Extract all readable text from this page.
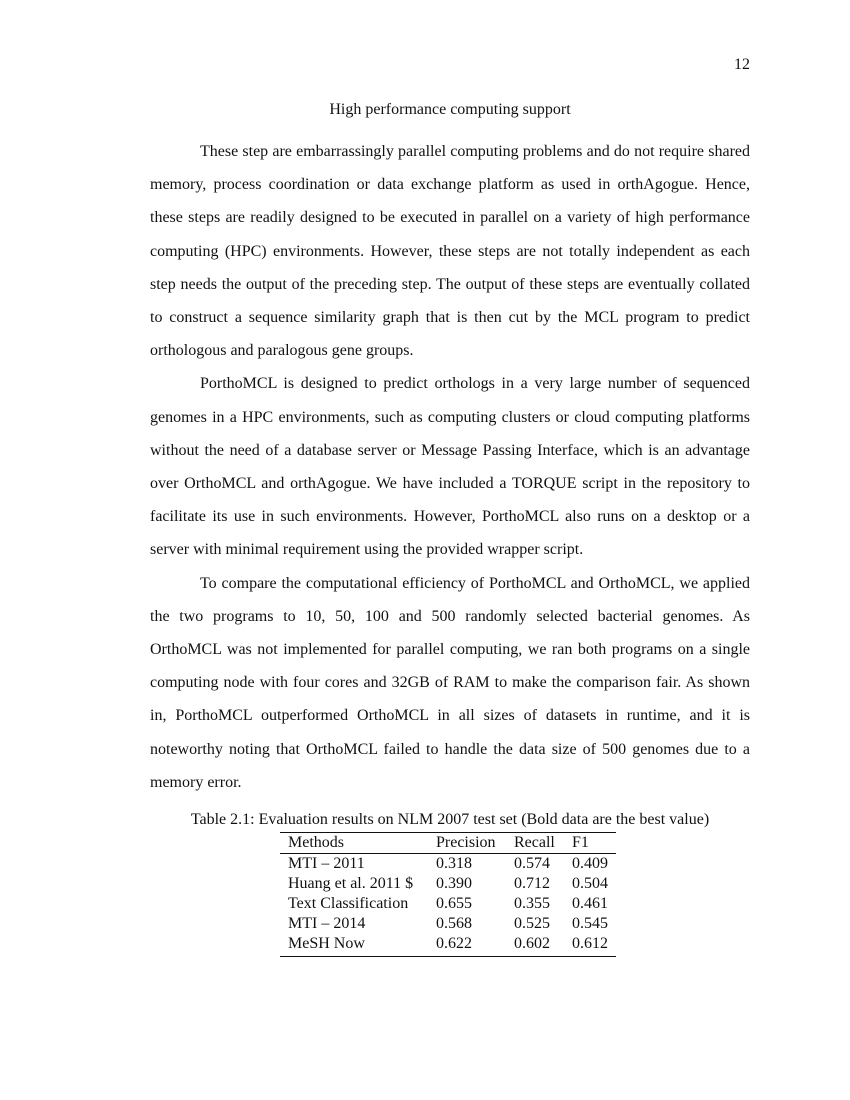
12
High performance computing support

These step are embarrassingly parallel computing problems and do not require shared memory, process coordination or data exchange platform as used in orthAgogue. Hence, these steps are readily designed to be executed in parallel on a variety of high performance computing (HPC) environments. However, these steps are not totally independent as each step needs the output of the preceding step. The output of these steps are eventually collated to construct a sequence similarity graph that is then cut by the MCL program to predict orthologous and paralogous gene groups.

PorthoMCL is designed to predict orthologs in a very large number of sequenced genomes in a HPC environments, such as computing clusters or cloud computing platforms without the need of a database server or Message Passing Interface, which is an advantage over OrthoMCL and orthAgogue. We have included a TORQUE script in the repository to facilitate its use in such environments. However, PorthoMCL also runs on a desktop or a server with minimal requirement using the provided wrapper script.

To compare the computational efficiency of PorthoMCL and OrthoMCL, we applied the two programs to 10, 50, 100 and 500 randomly selected bacterial genomes. As OrthoMCL was not implemented for parallel computing, we ran both programs on a single computing node with four cores and 32GB of RAM to make the comparison fair. As shown in, PorthoMCL outperformed OrthoMCL in all sizes of datasets in runtime, and it is noteworthy noting that OrthoMCL failed to handle the data size of 500 genomes due to a memory error.

Table 2.1: Evaluation results on NLM 2007 test set (Bold data are the best value)
Methods	Precision	Recall	F1
MTI – 2011	0.318	0.574	0.409
Huang et al. 2011 $	0.390	0.712	0.504
Text Classification	0.655	0.355	0.461
MTI – 2014	0.568	0.525	0.545
MeSH Now	0.622	0.602	0.612
